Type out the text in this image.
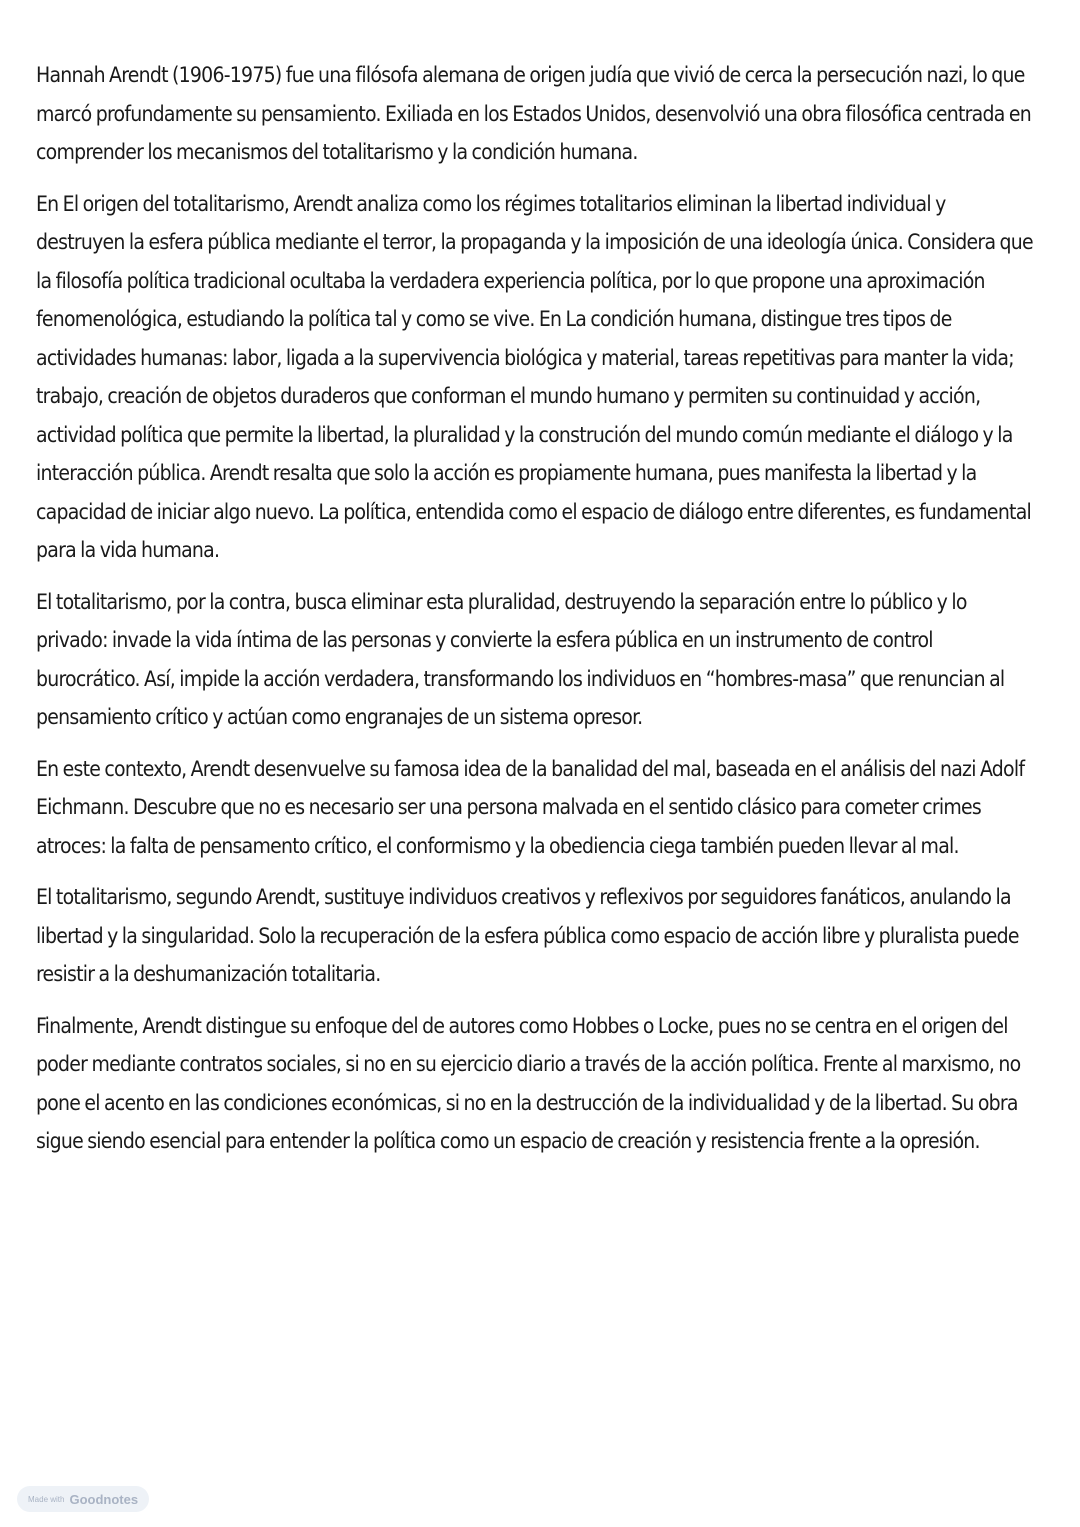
Hannah Arendt (1906-1975) fue una filósofa alemana de origen judía que vivió de cerca la persecución nazi, lo que marcó profundamente su pensamiento. Exiliada en los Estados Unidos, desenvolvió una obra filosófica centrada en comprender los mecanismos del totalitarismo y la condición humana.

En El origen del totalitarismo, Arendt analiza como los régimes totalitarios eliminan la libertad individual y destruyen la esfera pública mediante el terror, la propaganda y la imposición de una ideología única. Considera que la filosofía política tradicional ocultaba la verdadera experiencia política, por lo que propone una aproximación fenomenológica, estudiando la política tal y como se vive. En La condición humana, distingue tres tipos de actividades humanas: labor, ligada a la supervivencia biológica y material, tareas repetitivas para manter la vida; trabajo, creación de objetos duraderos que conforman el mundo humano y permiten su continuidad y acción, actividad política que permite la libertad, la pluralidad y la construción del mundo común mediante el diálogo y la interacción pública. Arendt resalta que solo la acción es propiamente humana, pues manifesta la libertad y la capacidad de iniciar algo nuevo. La política, entendida como el espacio de diálogo entre diferentes, es fundamental para la vida humana.

El totalitarismo, por la contra, busca eliminar esta pluralidad, destruyendo la separación entre lo público y lo privado: invade la vida íntima de las personas y convierte la esfera pública en un instrumento de control burocrático. Así, impide la acción verdadera, transformando los individuos en “hombres-masa” que renuncian al pensamiento crítico y actúan como engranajes de un sistema opresor.

En este contexto, Arendt desenvuelve su famosa idea de la banalidad del mal, baseada en el análisis del nazi Adolf Eichmann. Descubre que no es necesario ser una persona malvada en el sentido clásico para cometer crimes atroces: la falta de pensamento crítico, el conformismo y la obediencia ciega también pueden llevar al mal.

El totalitarismo, segundo Arendt, sustituye individuos creativos y reflexivos por seguidores fanáticos, anulando la libertad y la singularidad. Solo la recuperación de la esfera pública como espacio de acción libre y pluralista puede resistir a la deshumanización totalitaria.

Finalmente, Arendt distingue su enfoque del de autores como Hobbes o Locke, pues no se centra en el origen del poder mediante contratos sociales, si no en su ejercicio diario a través de la acción política. Frente al marxismo, no pone el acento en las condiciones económicas, si no en la destrucción de la individualidad y de la libertad. Su obra sigue siendo esencial para entender la política como un espacio de creación y resistencia frente a la opresión.

Made with Goodnotes
